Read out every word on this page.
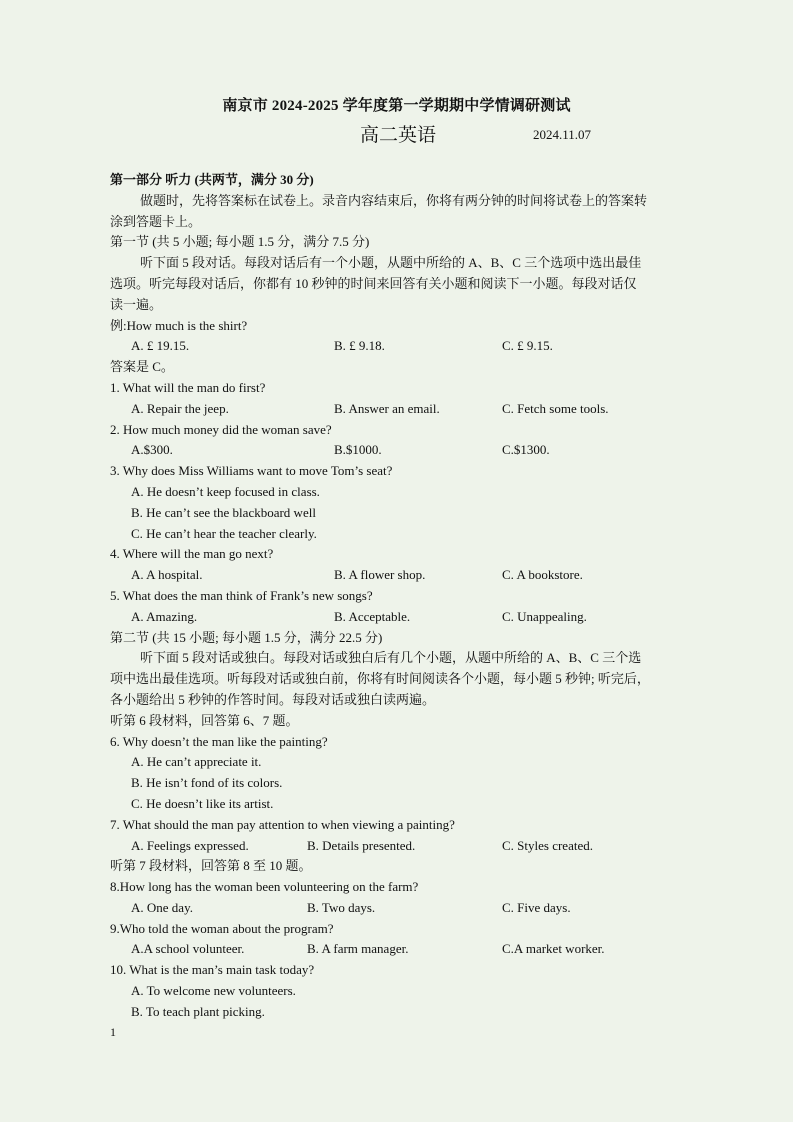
南京市 2024-2025 学年度第一学期期中学情调研测试
高二英语	2024.11.07
第一部分 听力 (共两节，满分 30 分)
做题时，先将答案标在试卷上。录音内容结束后，你将有两分钟的时间将试卷上的答案转
涂到答题卡上。
第一节 (共 5 小题; 每小题 1.5 分，满分 7.5 分)
听下面 5 段对话。每段对话后有一个小题，从题中所给的 A、B、C 三个选项中选出最佳
选项。听完每段对话后，你都有 10 秒钟的时间来回答有关小题和阅读下一小题。每段对话仅
读一遍。
例:How much is the shirt?
A. £ 19.15.	B. £ 9.18.	C. £ 9.15.
答案是 C。
1. What will the man do first?
A. Repair the jeep.	B. Answer an email.	C. Fetch some tools.
2. How much money did the woman save?
A.$300.	B.$1000.	C.$1300.
3. Why does Miss Williams want to move Tom’s seat?
A. He doesn’t keep focused in class.
B. He can’t see the blackboard well
C. He can’t hear the teacher clearly.
4. Where will the man go next?
A. A hospital.	B. A flower shop.	C. A bookstore.
5. What does the man think of Frank’s new songs?
A. Amazing.	B. Acceptable.	C. Unappealing.
第二节 (共 15 小题; 每小题 1.5 分，满分 22.5 分)
听下面 5 段对话或独白。每段对话或独白后有几个小题，从题中所给的 A、B、C 三个选
项中选出最佳选项。听每段对话或独白前，你将有时间阅读各个小题，每小题 5 秒钟; 听完后，
各小题给出 5 秒钟的作答时间。每段对话或独白读两遍。
听第 6 段材料，回答第 6、7 题。
6. Why doesn’t the man like the painting?
A. He can’t appreciate it.
B. He isn’t fond of its colors.
C. He doesn’t like its artist.
7. What should the man pay attention to when viewing a painting?
A. Feelings expressed.	B. Details presented.	C. Styles created.
听第 7 段材料，回答第 8 至 10 题。
8.How long has the woman been volunteering on the farm?
A. One day.	B. Two days.	C. Five days.
9.Who told the woman about the program?
A.A school volunteer.	B. A farm manager.	C.A market worker.
10. What is the man’s main task today?
A. To welcome new volunteers.
B. To teach plant picking.
1
